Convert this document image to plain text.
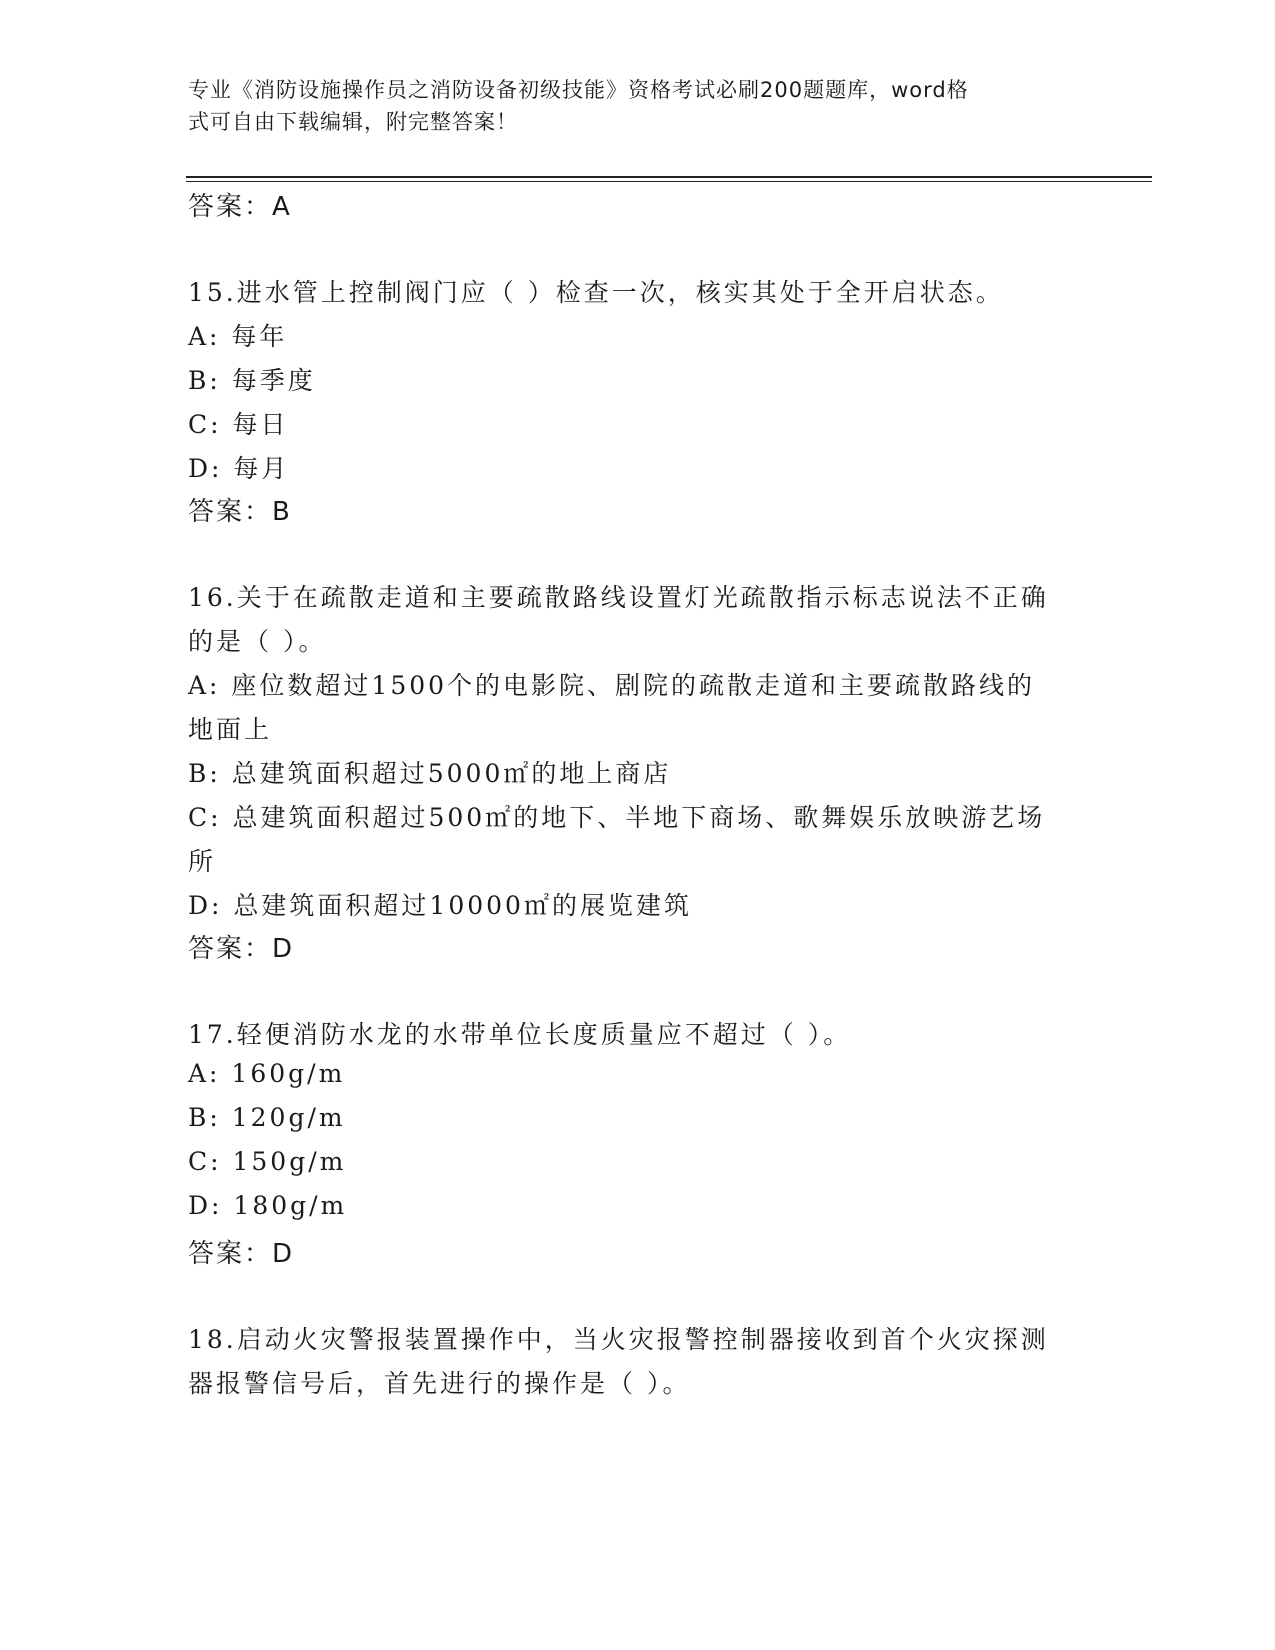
专业《消防设施操作员之消防设备初级技能》资格考试必刷200题题库，word格
式可自由下载编辑，附完整答案！
答案：A
15.进水管上控制阀门应（ ）检查一次，核实其处于全开启状态。
A: 每年
B: 每季度
C: 每日
D: 每月
答案：B
16.关于在疏散走道和主要疏散路线设置灯光疏散指示标志说法不正确
的是（ ）。
A: 座位数超过1500个的电影院、剧院的疏散走道和主要疏散路线的
地面上
B: 总建筑面积超过5000㎡的地上商店
C: 总建筑面积超过500㎡的地下、半地下商场、歌舞娱乐放映游艺场
所
D: 总建筑面积超过10000㎡的展览建筑
答案：D
17.轻便消防水龙的水带单位长度质量应不超过（ ）。
A: 160g/m
B: 120g/m
C: 150g/m
D: 180g/m
答案：D
18.启动火灾警报装置操作中，当火灾报警控制器接收到首个火灾探测
器报警信号后，首先进行的操作是（ ）。
